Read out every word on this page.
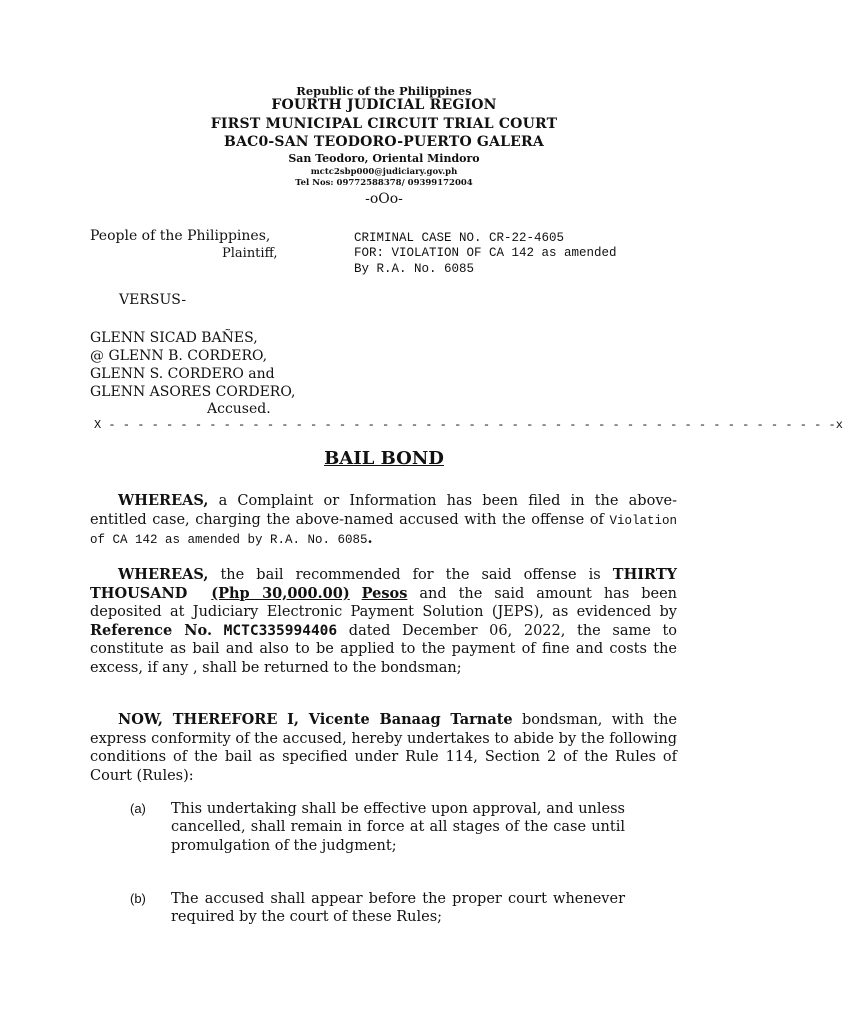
Republic of the Philippines
FOURTH JUDICIAL REGION
FIRST MUNICIPAL CIRCUIT TRIAL COURT
BAC0-SAN TEODORO-PUERTO GALERA
San Teodoro, Oriental Mindoro
mctc2sbp000@judiciary.gov.ph
Tel Nos: 09772588378/ 09399172004
-oOo-
People of the Philippines,
Plaintiff,
CRIMINAL CASE NO. CR-22-4605
FOR: VIOLATION OF CA 142 as amended
By R.A. No. 6085
VERSUS-
GLENN SICAD BAÑES,
@ GLENN B. CORDERO,
GLENN S. CORDERO and
GLENN ASORES CORDERO,
Accused.
X - - - - - - - - - - - - - - - - - - - - - - - - - - - - - - - - - - - - - - - - - - - - - - - - - - -x
BAIL BOND
WHEREAS, a Complaint or Information has been filed in the above-entitled case, charging the above-named accused with the offense of Violation of CA 142 as amended by R.A. No. 6085.
WHEREAS, the bail recommended for the said offense is THIRTY THOUSAND (Php 30,000.00) Pesos and the said amount has been deposited at Judiciary Electronic Payment Solution (JEPS), as evidenced by Reference No. MCTC335994406 dated December 06, 2022, the same to constitute as bail and also to be applied to the payment of fine and costs the excess, if any , shall be returned to the bondsman;
NOW, THEREFORE I, Vicente Banaag Tarnate bondsman, with the express conformity of the accused, hereby undertakes to abide by the following conditions of the bail as specified under Rule 114, Section 2 of the Rules of Court (Rules):
(a) This undertaking shall be effective upon approval, and unless cancelled, shall remain in force at all stages of the case until promulgation of the judgment;
(b) The accused shall appear before the proper court whenever required by the court of these Rules;
